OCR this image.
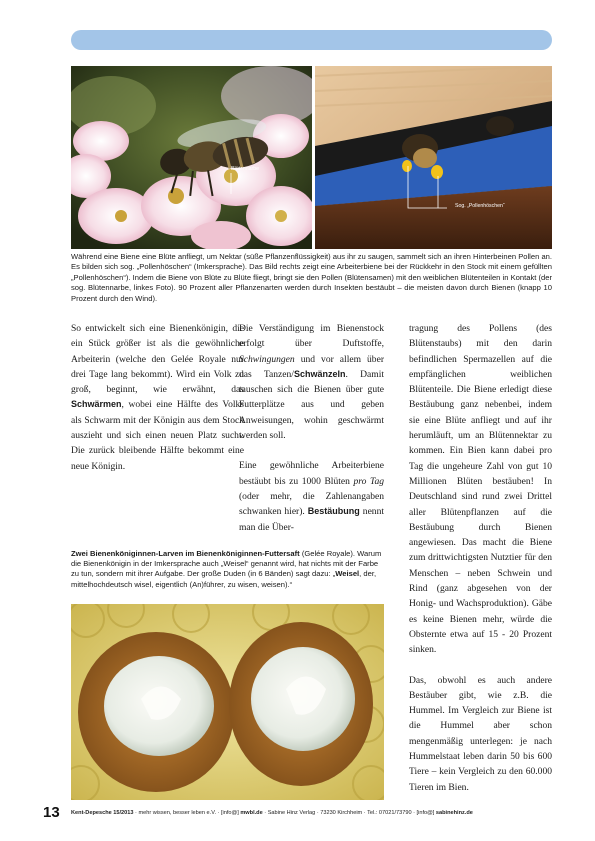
Blütennarbe
Sog. „Pollenhöschen“
Während eine Biene eine Blüte anfliegt, um Nektar (süße Pflanzenflüssigkeit) aus ihr zu saugen, sammelt sich an ihren Hinterbeinen Pollen an. Es bilden sich sog. „Pollenhöschen“ (Imkersprache). Das Bild rechts zeigt eine Arbeiterbiene bei der Rückkehr in den Stock mit einem gefüllten „Pollenhöschen“). Indem die Biene von Blüte zu Blüte fliegt, bringt sie den Pollen (Blütensamen) mit den weiblichen Blütenteilen in Kontakt (der sog. Blütennarbe, linkes Foto). 90 Prozent aller Pflanzenarten werden durch Insekten bestäubt – die meisten davon durch Bienen (knapp 10 Prozent durch den Wind).

So entwickelt sich eine Bienenkönigin, die ein Stück größer ist als die gewöhnliche Arbeiterin (welche den Gelée Royale nur drei Tage lang bekommt). Wird ein Volk zu groß, beginnt, wie erwähnt, das Schwärmen, wobei eine Hälfte des Volks als Schwarm mit der Königin aus dem Stock auszieht und sich einen neuen Platz sucht. Die zurück bleibende Hälfte bekommt eine neue Königin.

Die Verständigung im Bienenstock erfolgt über Duftstoffe, Schwingungen und vor allem über das Tanzen/Schwänzeln. Damit tauschen sich die Bienen über gute Futterplätze aus und geben Anweisungen, wohin geschwärmt werden soll.

Eine gewöhnliche Arbeiterbiene bestäubt bis zu 1000 Blüten pro Tag (oder mehr, die Zahlenangaben schwanken hier). Bestäubung nennt man die Über-

tragung des Pollens (des Blütenstaubs) mit den darin befindlichen Spermazellen auf die empfänglichen weiblichen Blütenteile. Die Biene erledigt diese Bestäubung ganz nebenbei, indem sie eine Blüte anfliegt und auf ihr herumläuft, um an Blütennektar zu kommen. Ein Bien kann dabei pro Tag die ungeheure Zahl von gut 10 Millionen Blüten bestäuben! In Deutschland sind rund zwei Drittel aller Blütenpflanzen auf die Bestäubung durch Bienen angewiesen. Das macht die Biene zum drittwichtigsten Nutztier für den Menschen – neben Schwein und Rind (ganz abgesehen von der Honig- und Wachsproduktion). Gäbe es keine Bienen mehr, würde die Obsternte etwa auf 15 - 20 Prozent sinken.

Das, obwohl es auch andere Bestäuber gibt, wie z.B. die Hummel. Im Vergleich zur Biene ist die Hummel aber schon mengenmäßig unterlegen: je nach Hummelstaat leben darin 50 bis 600 Tiere – kein Vergleich zu den 60.000 Tieren im Bien.

Zwei Bienenköniginnen-Larven im Bienenköniginnen-Futtersaft (Gelée Royale). Warum die Bienenkönigin in der Imkersprache auch „Weisel“ genannt wird, hat nichts mit der Farbe zu tun, sondern mit ihrer Aufgabe. Der große Duden (in 6 Bänden) sagt dazu: „Weisel, der, mittelhochdeutsch wisel, eigentlich (An)führer, zu wisen, weisen).“
13 Kent-Depesche 15/2013 · mehr wissen, besser leben e.V. · [info@] mwbl.de · Sabine Hinz Verlag · 73230 Kirchheim · Tel.: 07021/73790 · [info@] sabinehinz.de
